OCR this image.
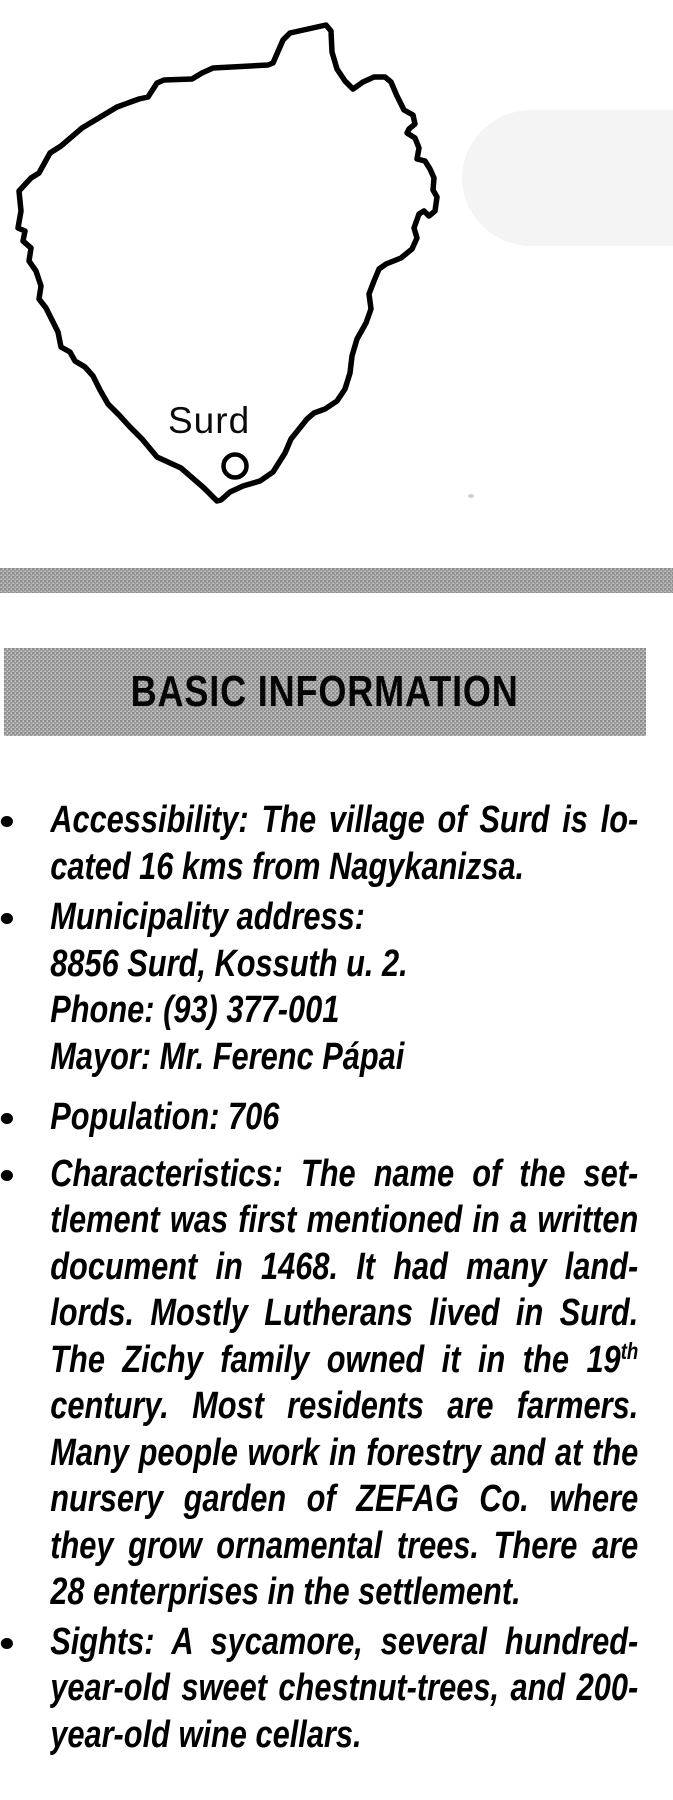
Surd
BASIC INFORMATION
Accessibility: The village of Surd is lo-
cated 16 kms from Nagykanizsa.
Municipality address:
8856 Surd, Kossuth u. 2.
Phone: (93) 377-001
Mayor: Mr. Ferenc Pápai
Population: 706
Characteristics: The name of the set-
tlement was first mentioned in a written
document in 1468. It had many land-
lords. Mostly Lutherans lived in Surd.
The Zichy family owned it in the 19th
century. Most residents are farmers.
Many people work in forestry and at the
nursery garden of ZEFAG Co. where
they grow ornamental trees. There are
28 enterprises in the settlement.
Sights: A sycamore, several hundred-
year-old sweet chestnut-trees, and 200-
year-old wine cellars.
